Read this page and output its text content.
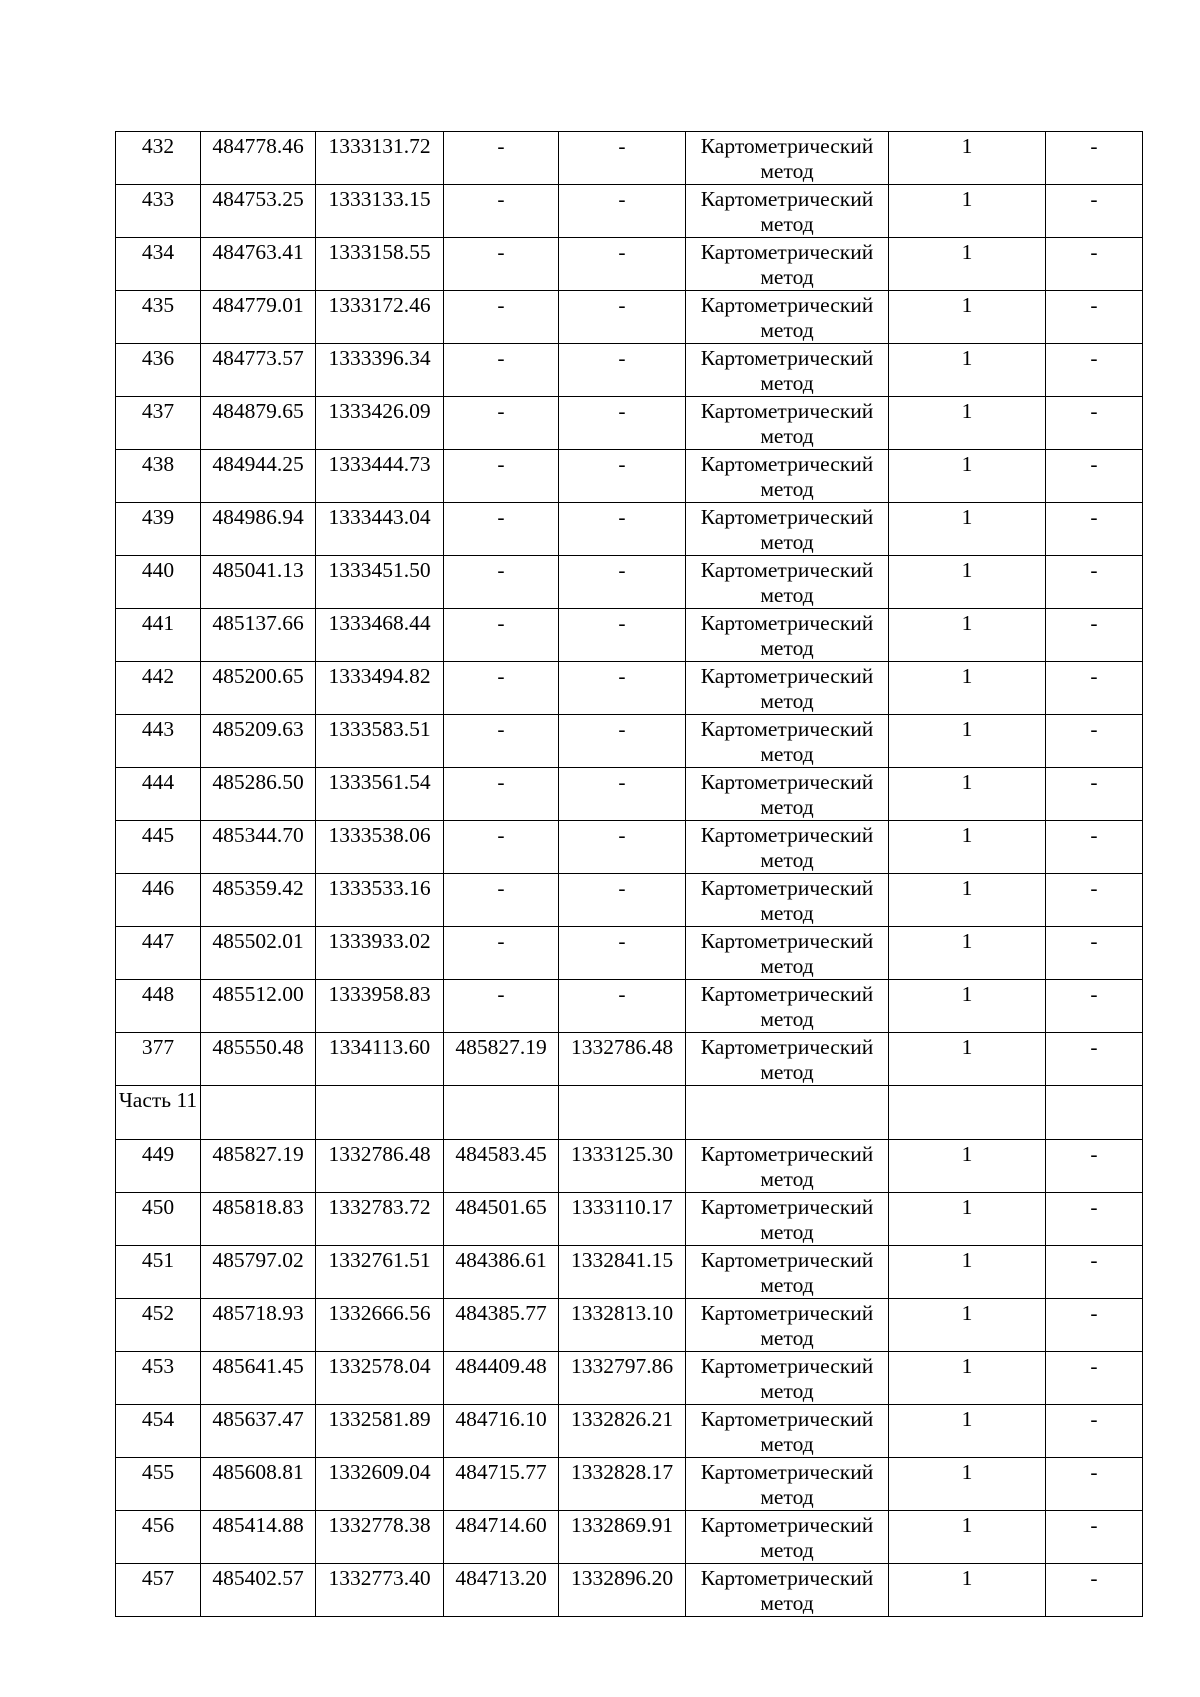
432	484778.46	1333131.72	-	-	Картометрический метод	1	-
433	484753.25	1333133.15	-	-	Картометрический метод	1	-
434	484763.41	1333158.55	-	-	Картометрический метод	1	-
435	484779.01	1333172.46	-	-	Картометрический метод	1	-
436	484773.57	1333396.34	-	-	Картометрический метод	1	-
437	484879.65	1333426.09	-	-	Картометрический метод	1	-
438	484944.25	1333444.73	-	-	Картометрический метод	1	-
439	484986.94	1333443.04	-	-	Картометрический метод	1	-
440	485041.13	1333451.50	-	-	Картометрический метод	1	-
441	485137.66	1333468.44	-	-	Картометрический метод	1	-
442	485200.65	1333494.82	-	-	Картометрический метод	1	-
443	485209.63	1333583.51	-	-	Картометрический метод	1	-
444	485286.50	1333561.54	-	-	Картометрический метод	1	-
445	485344.70	1333538.06	-	-	Картометрический метод	1	-
446	485359.42	1333533.16	-	-	Картометрический метод	1	-
447	485502.01	1333933.02	-	-	Картометрический метод	1	-
448	485512.00	1333958.83	-	-	Картометрический метод	1	-
377	485550.48	1334113.60	485827.19	1332786.48	Картометрический метод	1	-
Часть 11							
449	485827.19	1332786.48	484583.45	1333125.30	Картометрический метод	1	-
450	485818.83	1332783.72	484501.65	1333110.17	Картометрический метод	1	-
451	485797.02	1332761.51	484386.61	1332841.15	Картометрический метод	1	-
452	485718.93	1332666.56	484385.77	1332813.10	Картометрический метод	1	-
453	485641.45	1332578.04	484409.48	1332797.86	Картометрический метод	1	-
454	485637.47	1332581.89	484716.10	1332826.21	Картометрический метод	1	-
455	485608.81	1332609.04	484715.77	1332828.17	Картометрический метод	1	-
456	485414.88	1332778.38	484714.60	1332869.91	Картометрический метод	1	-
457	485402.57	1332773.40	484713.20	1332896.20	Картометрический метод	1	-
